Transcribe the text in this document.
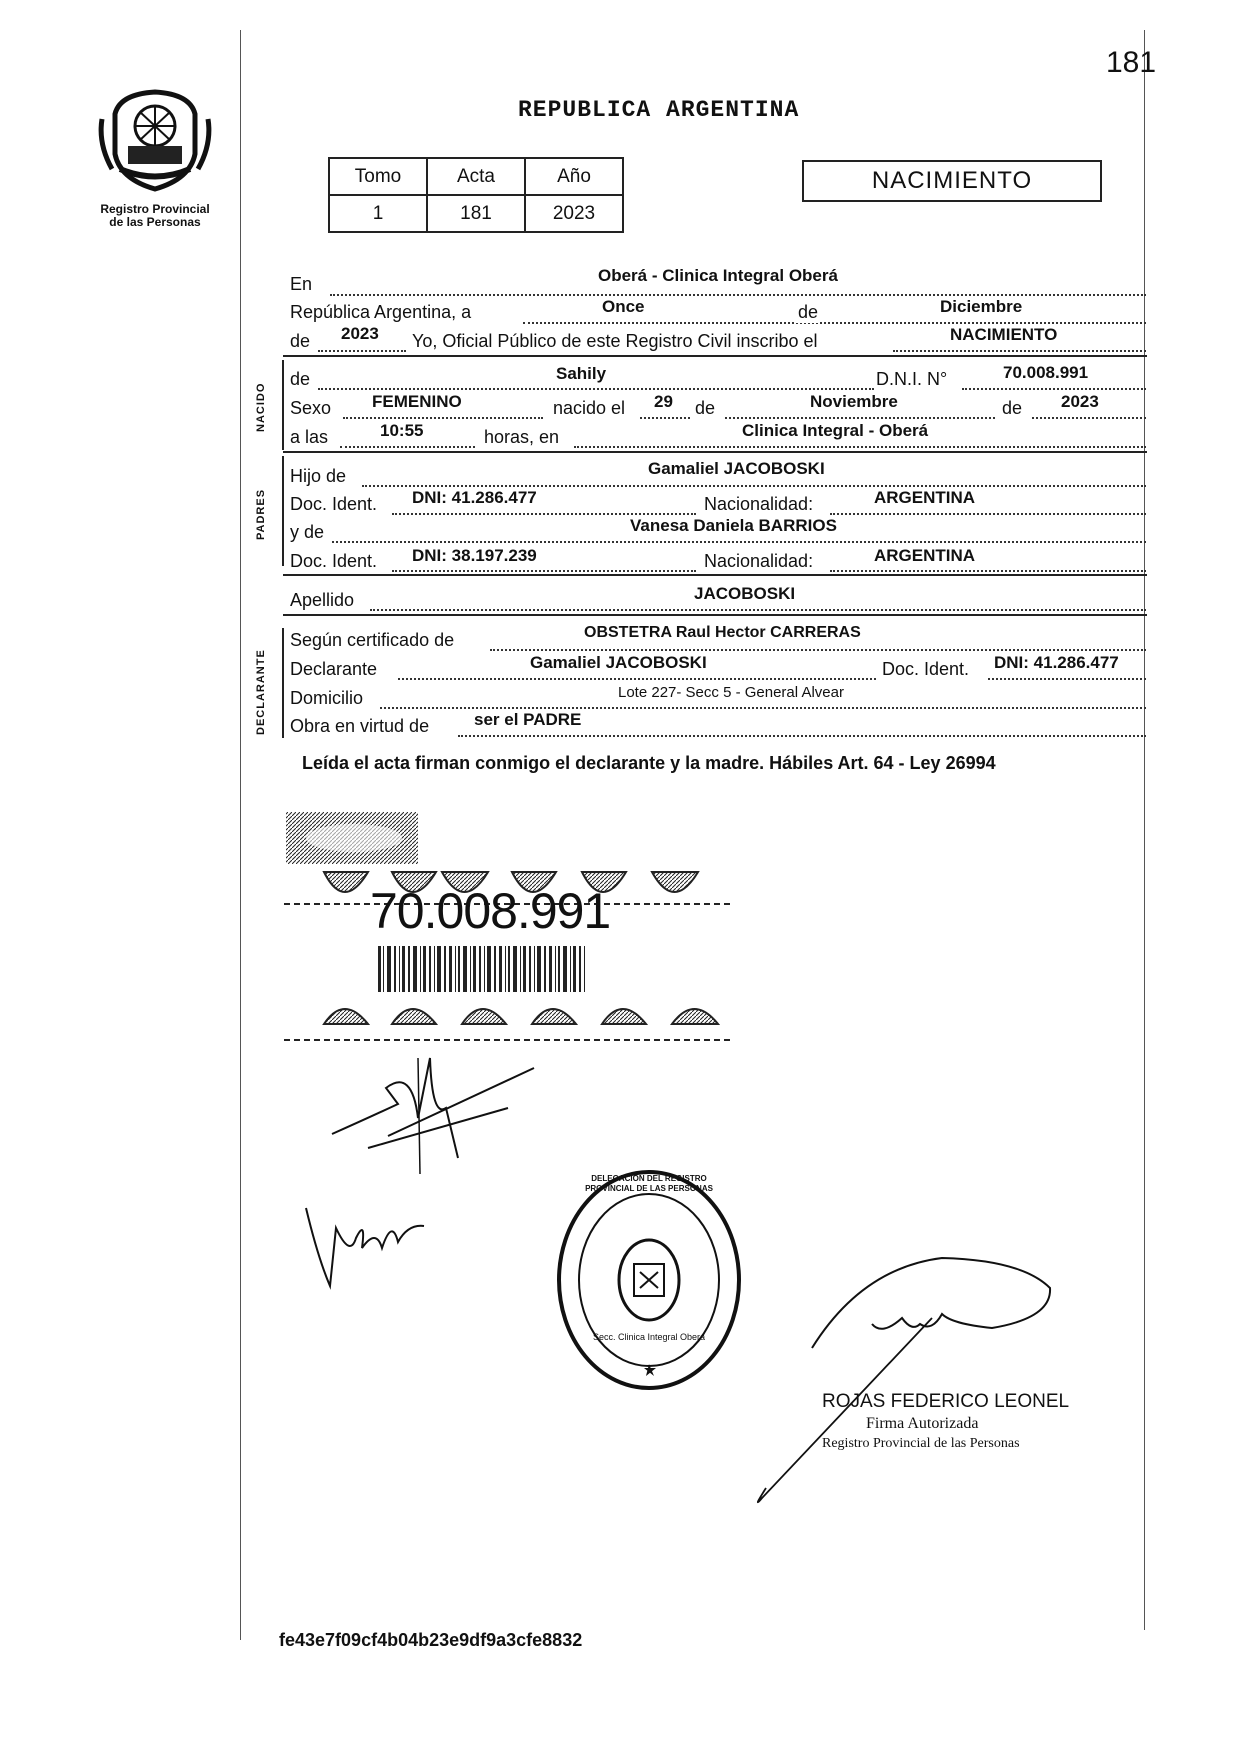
Registro Provincial
de las Personas
181
REPUBLICA ARGENTINA
Tomo	Acta	Año
1	181	2023
NACIMIENTO
En	Oberá - Clinica Integral Oberá
República Argentina, a	Once	de	Diciembre
de 2023 Yo, Oficial Público de este Registro Civil inscribo el	NACIMIENTO
NACIDO
de	Sahily	D.N.I. N°	70.008.991
Sexo FEMENINO	nacido el 29 de	Noviembre	de 2023
a las	10:55	horas, en	Clinica Integral - Oberá
PADRES
Hijo de	Gamaliel JACOBOSKI
Doc. Ident. DNI: 41.286.477	Nacionalidad:	ARGENTINA
y de	Vanesa Daniela BARRIOS
Doc. Ident. DNI: 38.197.239	Nacionalidad:	ARGENTINA
Apellido	JACOBOSKI
DECLARANTE
Según certificado de	OBSTETRA Raul Hector CARRERAS
Declarante	Gamaliel JACOBOSKI	Doc. Ident. DNI: 41.286.477
Domicilio	Lote 227- Secc 5 - General Alvear
Obra en virtud de	ser el PADRE
Leída el acta firman conmigo el declarante y la madre. Hábiles Art. 64 - Ley 26994
70.008.991
DELEGACION DEL REGISTRO PROVINCIAL DE LAS PERSONAS
Secc. Clinica Integral Oberá
ROJAS FEDERICO LEONEL
Firma Autorizada
Registro Provincial de las Personas
fe43e7f09cf4b04b23e9df9a3cfe8832
